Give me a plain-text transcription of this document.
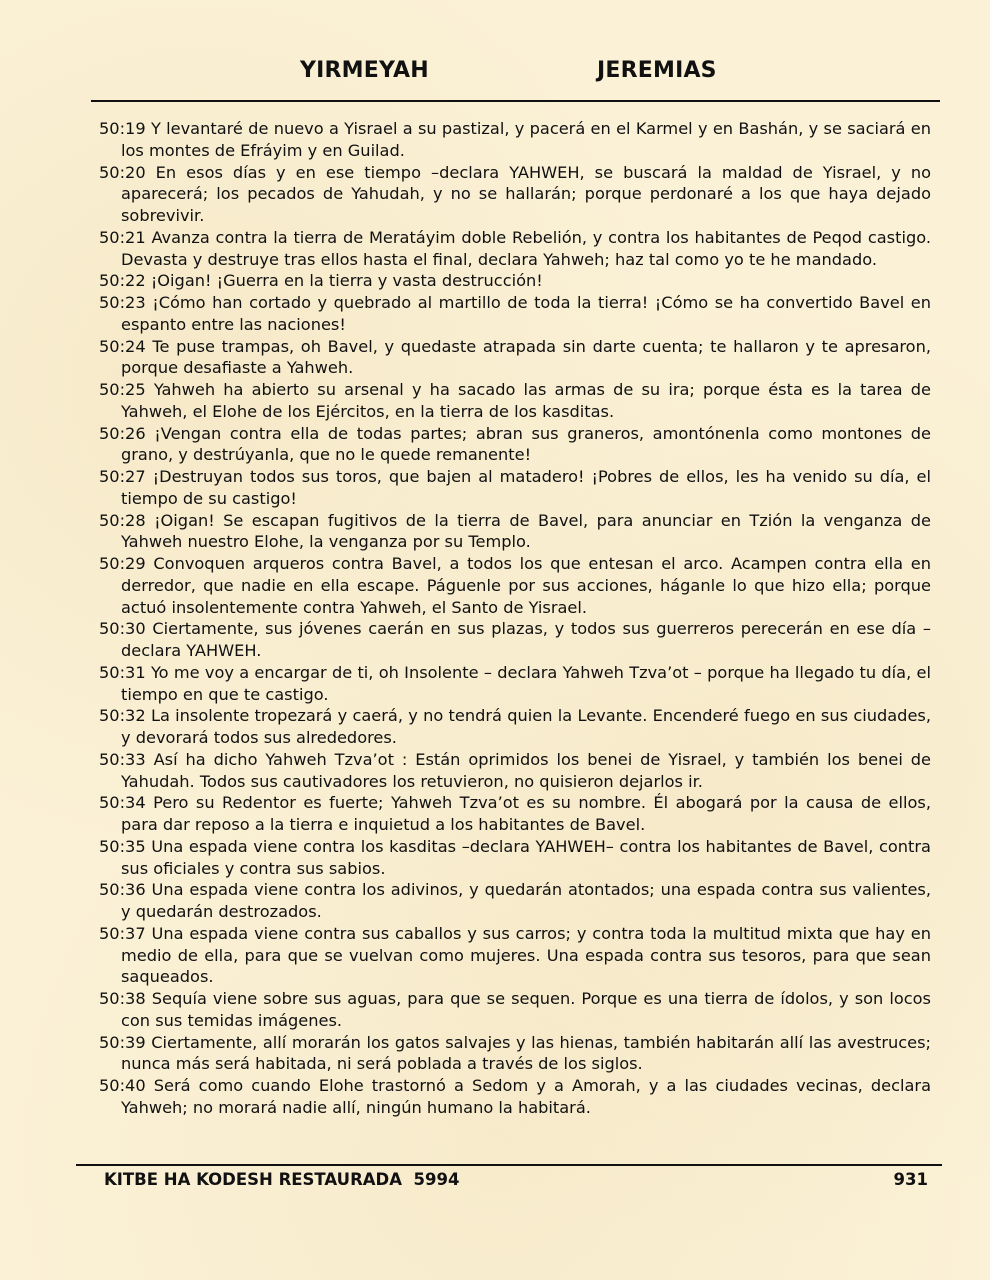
YIRMEYAH	JEREMIAS

50:19 Y levantaré de nuevo a Yisrael a su pastizal, y pacerá en el Karmel y en Bashán, y se saciará en los montes de Efráyim y en Guilad.

50:20 En esos días y en ese tiempo –declara YAHWEH, se buscará la maldad de Yisrael, y no aparecerá; los pecados de Yahudah, y no se hallarán; porque perdonaré a los que haya dejado sobrevivir.

50:21 Avanza contra la tierra de Meratáyim doble Rebelión, y contra los habitantes de Peqod castigo. Devasta y destruye tras ellos hasta el final, declara Yahweh; haz tal como yo te he mandado.

50:22 ¡Oigan! ¡Guerra en la tierra y vasta destrucción!

50:23 ¡Cómo han cortado y quebrado al martillo de toda la tierra! ¡Cómo se ha convertido Bavel en espanto entre las naciones!

50:24 Te puse trampas, oh Bavel, y quedaste atrapada sin darte cuenta; te hallaron y te apresaron, porque desafiaste a Yahweh.

50:25 Yahweh ha abierto su arsenal y ha sacado las armas de su ira; porque ésta es la tarea de Yahweh, el Elohe de los Ejércitos, en la tierra de los kasditas.

50:26 ¡Vengan contra ella de todas partes; abran sus graneros, amontónenla como montones de grano, y destrúyanla, que no le quede remanente!

50:27 ¡Destruyan todos sus toros, que bajen al matadero! ¡Pobres de ellos, les ha venido su día, el tiempo de su castigo!

50:28 ¡Oigan! Se escapan fugitivos de la tierra de Bavel, para anunciar en Tzión la venganza de Yahweh nuestro Elohe, la venganza por su Templo.

50:29 Convoquen arqueros contra Bavel, a todos los que entesan el arco. Acampen contra ella en derredor, que nadie en ella escape. Páguenle por sus acciones, háganle lo que hizo ella; porque actuó insolentemente contra Yahweh, el Santo de Yisrael.

50:30 Ciertamente, sus jóvenes caerán en sus plazas, y todos sus guerreros perecerán en ese día – declara YAHWEH.

50:31 Yo me voy a encargar de ti, oh Insolente – declara Yahweh Tzva’ot – porque ha llegado tu día, el tiempo en que te castigo.

50:32 La insolente tropezará y caerá, y no tendrá quien la Levante. Encenderé fuego en sus ciudades, y devorará todos sus alrededores.

50:33 Así ha dicho Yahweh Tzva’ot : Están oprimidos los benei de Yisrael, y también los benei de Yahudah. Todos sus cautivadores los retuvieron, no quisieron dejarlos ir.

50:34 Pero su Redentor es fuerte; Yahweh Tzva’ot es su nombre. Él abogará por la causa de ellos, para dar reposo a la tierra e inquietud a los habitantes de Bavel.

50:35 Una espada viene contra los kasditas –declara YAHWEH– contra los habitantes de Bavel, contra sus oficiales y contra sus sabios.

50:36 Una espada viene contra los adivinos, y quedarán atontados; una espada contra sus valientes, y quedarán destrozados.

50:37 Una espada viene contra sus caballos y sus carros; y contra toda la multitud mixta que hay en medio de ella, para que se vuelvan como mujeres. Una espada contra sus tesoros, para que sean saqueados.

50:38 Sequía viene sobre sus aguas, para que se sequen. Porque es una tierra de ídolos, y son locos con sus temidas imágenes.

50:39 Ciertamente, allí morarán los gatos salvajes y las hienas, también habitarán allí las avestruces; nunca más será habitada, ni será poblada a través de los siglos.

50:40 Será como cuando Elohe trastornó a Sedom y a Amorah, y a las ciudades vecinas, declara Yahweh; no morará nadie allí, ningún humano la habitará.

KITBE HA KODESH RESTAURADA  5994	931
